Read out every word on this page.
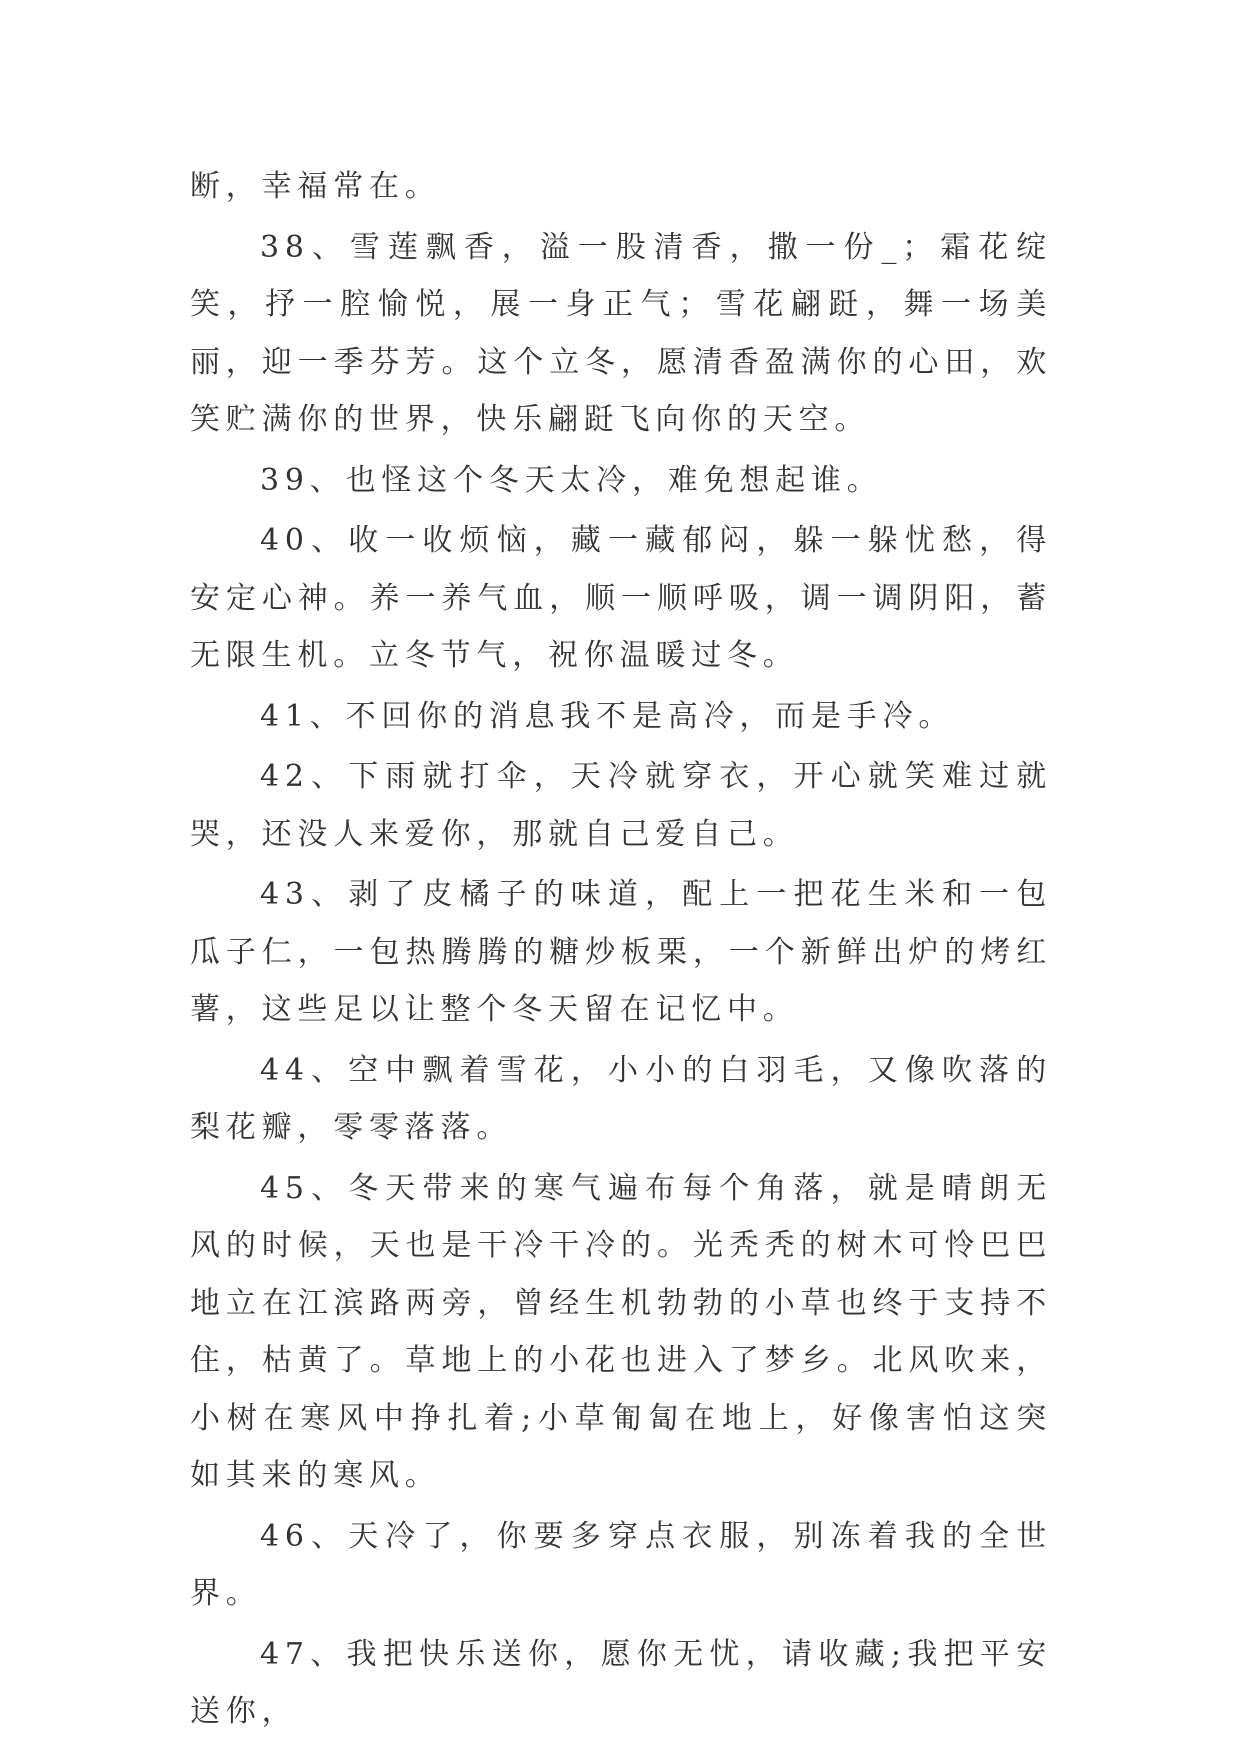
断，幸福常在。

38、雪莲飘香，溢一股清香，撒一份_；霜花绽笑，抒一腔愉悦，展一身正气；雪花翩跹，舞一场美丽，迎一季芬芳。这个立冬，愿清香盈满你的心田，欢笑贮满你的世界，快乐翩跹飞向你的天空。

39、也怪这个冬天太冷，难免想起谁。

40、收一收烦恼，藏一藏郁闷，躲一躲忧愁，得安定心神。养一养气血，顺一顺呼吸，调一调阴阳，蓄无限生机。立冬节气，祝你温暖过冬。

41、不回你的消息我不是高冷，而是手冷。

42、下雨就打伞，天冷就穿衣，开心就笑难过就哭，还没人来爱你，那就自己爱自己。

43、剥了皮橘子的味道，配上一把花生米和一包瓜子仁，一包热腾腾的糖炒板栗，一个新鲜出炉的烤红薯，这些足以让整个冬天留在记忆中。

44、空中飘着雪花，小小的白羽毛，又像吹落的梨花瓣，零零落落。

45、冬天带来的寒气遍布每个角落，就是晴朗无风的时候，天也是干冷干冷的。光秃秃的树木可怜巴巴地立在江滨路两旁，曾经生机勃勃的小草也终于支持不住，枯黄了。草地上的小花也进入了梦乡。北风吹来，小树在寒风中挣扎着;小草匍匐在地上，好像害怕这突如其来的寒风。

46、天冷了，你要多穿点衣服，别冻着我的全世界。

47、我把快乐送你，愿你无忧，请收藏;我把平安送你，
